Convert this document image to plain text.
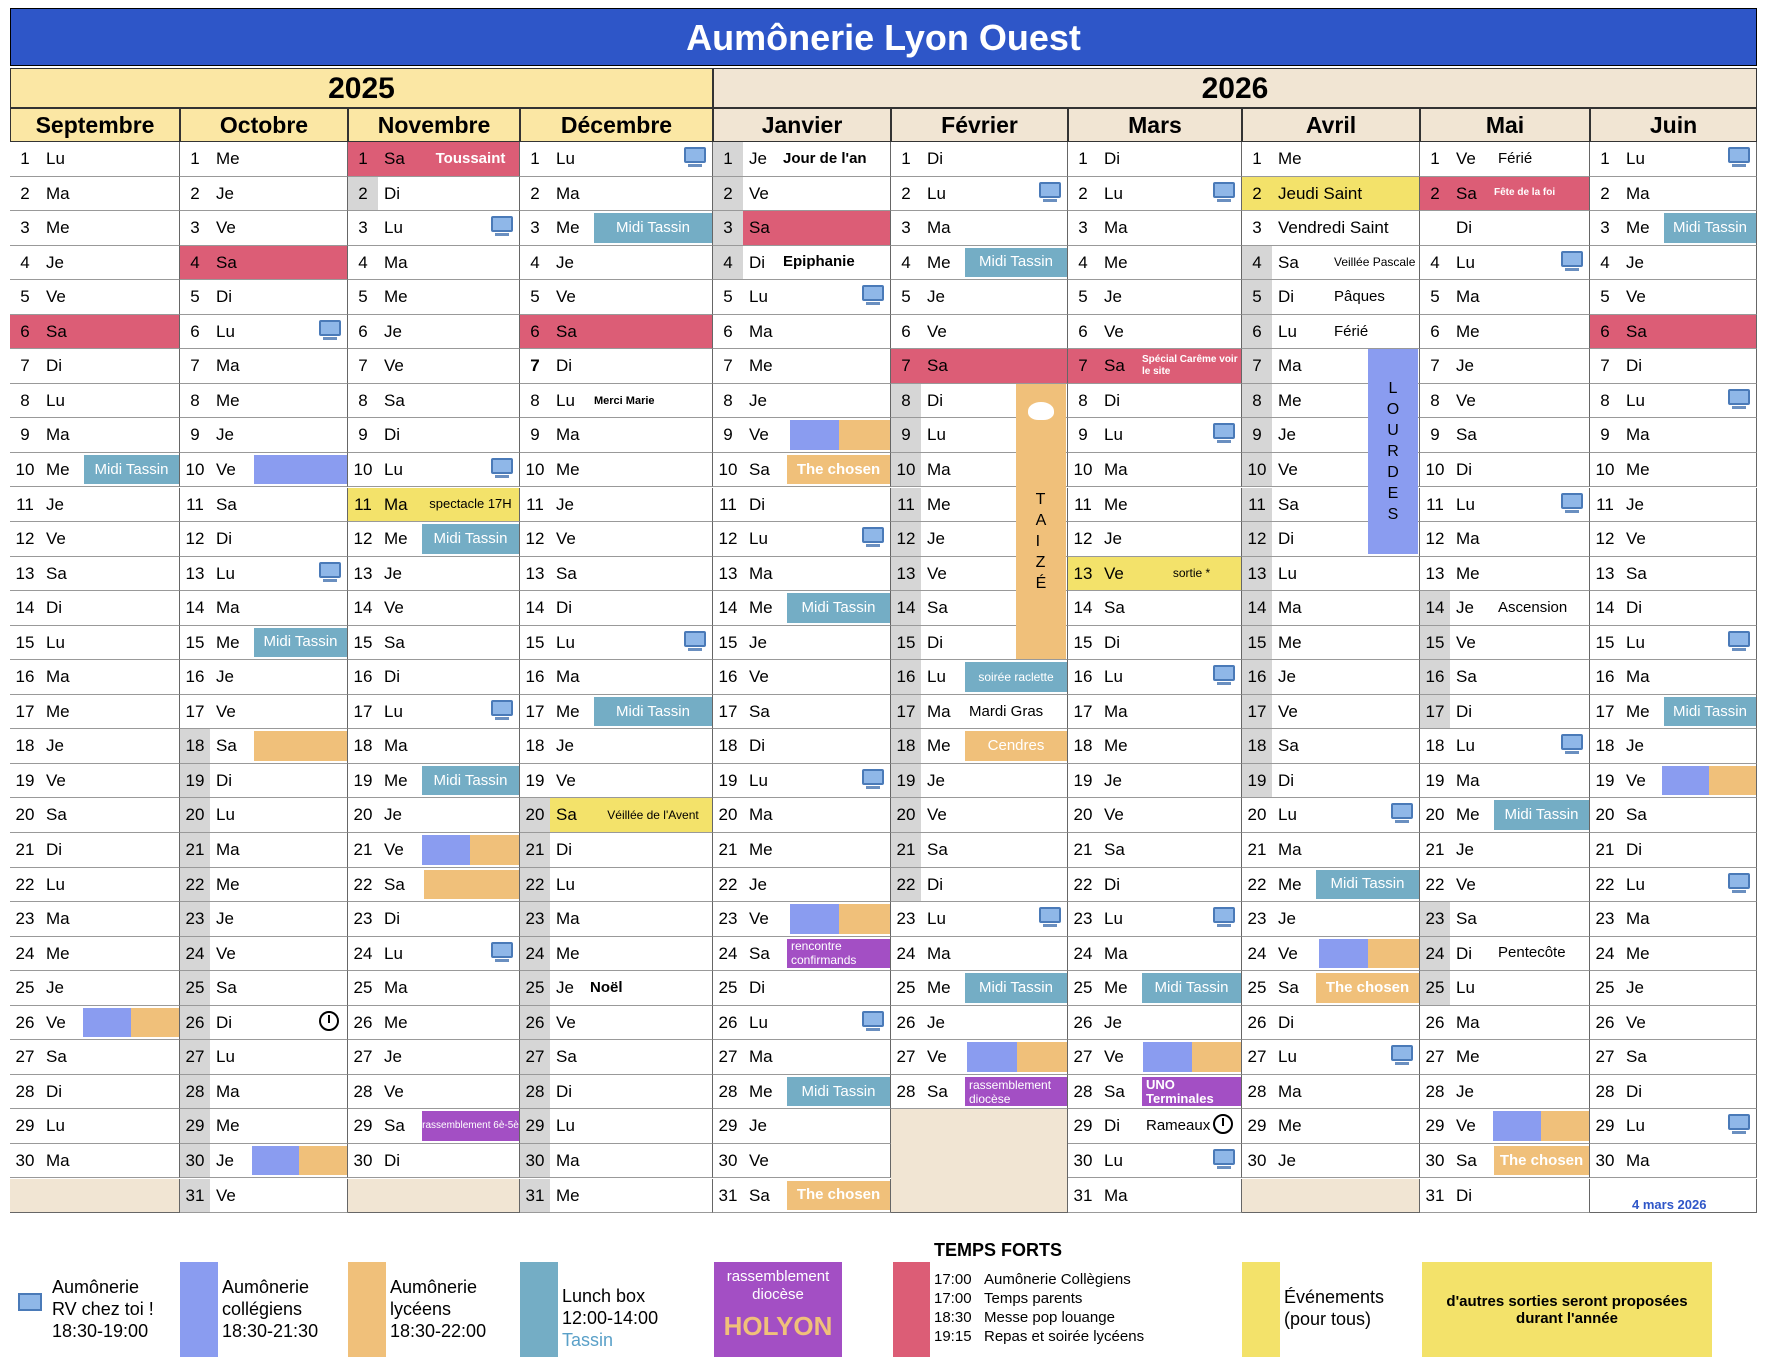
Aumônerie Lyon Ouest
2025	2026
Septembre
1 Lu
2 Ma
3 Me
4 Je
5 Ve
6 Sa
7 Di
8 Lu
9 Ma
10 Me	Midi Tassin
11 Je
12 Ve
13 Sa
14 Di
15 Lu
16 Ma
17 Me
18 Je
19 Ve
20 Sa
21 Di
22 Lu
23 Ma
24 Me
25 Je
26 Ve
27 Sa
28 Di
29 Lu
30 Ma
Octobre
1 Me
2 Je
3 Ve
4 Sa
5 Di
6 Lu
7 Ma
8 Me
9 Je
10 Ve
11 Sa
12 Di
13 Lu
14 Ma
15 Me	Midi Tassin
16 Je
17 Ve
18 Sa
19 Di
20 Lu
21 Ma
22 Me
23 Je
24 Ve
25 Sa
26 Di
27 Lu
28 Ma
29 Me
30 Je
31 Ve
Novembre
1 Sa	Toussaint
2 Di
3 Lu
4 Ma
5 Me
6 Je
7 Ve
8 Sa
9 Di
10 Lu
11 Ma	spectacle 17H
12 Me	Midi Tassin
13 Je
14 Ve
15 Sa
16 Di
17 Lu
18 Ma
19 Me	Midi Tassin
20 Je
21 Ve
22 Sa
23 Di
24 Lu
25 Ma
26 Me
27 Je
28 Ve
29 Sa rassemblement 6è-5è
30 Di
Décembre
1 Lu
2 Ma
3 Me	Midi Tassin
4 Je
5 Ve
6 Sa
7 Di
8 Lu Merci Marie
9 Ma
10 Me
11 Je
12 Ve
13 Sa
14 Di
15 Lu
16 Ma
17 Me	Midi Tassin
18 Je
19 Ve
20 Sa	Véillée de l'Avent
21 Di
22 Lu
23 Ma
24 Me
25 Je Noël
26 Ve
27 Sa
28 Di
29 Lu
30 Ma
31 Me
Janvier
1 Je Jour de l'an
2 Ve
3 Sa
4 Di Epiphanie
5 Lu
6 Ma
7 Me
8 Je
9 Ve
10 Sa	The chosen
11 Di
12 Lu
13 Ma
14 Me	Midi Tassin
15 Je
16 Ve
17 Sa
18 Di
19 Lu
20 Ma
21 Me
22 Je
23 Ve
24 Sa	rencontre confirmands
25 Di
26 Lu
27 Ma
28 Me	Midi Tassin
29 Je
30 Ve
31 Sa	The chosen
Février
1 Di
2 Lu
3 Ma
4 Me	Midi Tassin
5 Je
6 Ve
7 Sa
8 Di
9 Lu
10 Ma
11 Me
12 Je
13 Ve
14 Sa
15 Di
16 Lu	soirée raclette
17 Ma Mardi Gras
18 Me	Cendres
19 Je
20 Ve
21 Sa
22 Di
23 Lu
24 Ma
25 Me	Midi Tassin
26 Je
27 Ve
28 Sa	rassemblement diocèse
Mars
1 Di
2 Lu
3 Ma
4 Me
5 Je
6 Ve
7 Sa Spécial Carême voir le site
8 Di
9 Lu
10 Ma
11 Me
12 Je
13 Ve	sortie *
14 Sa
15 Di
16 Lu
17 Ma
18 Me
19 Je
20 Ve
21 Sa
22 Di
23 Lu
24 Ma
25 Me	Midi Tassin
26 Je
27 Ve
28 Sa	UNO Terminales
29 Di Rameaux
30 Lu
31 Ma
Avril
1 Me
2 Jeudi Saint
3 Vendredi Saint
4 Sa	Veillée Pascale
5 Di	Pâques
6 Lu Férié
7 Ma
8 Me
9 Je
10 Ve
11 Sa
12 Di
13 Lu
14 Ma
15 Me
16 Je
17 Ve
18 Sa
19 Di
20 Lu
21 Ma
22 Me	Midi Tassin
23 Je
24 Ve
25 Sa	The chosen
26 Di
27 Lu
28 Ma
29 Me
30 Je
Mai
1 Ve Férié
2 Sa Fête de la foi
Di
4 Lu
5 Ma
6 Me
7 Je
8 Ve
9 Sa
10 Di
11 Lu
12 Ma
13 Me
14 Je Ascension
15 Ve
16 Sa
17 Di
18 Lu
19 Ma
20 Me	Midi Tassin
21 Je
22 Ve
23 Sa
24 Di Pentecôte
25 Lu
26 Ma
27 Me
28 Je
29 Ve
30 Sa	The chosen
31 Di
Juin
1 Lu
2 Ma
3 Me	Midi Tassin
4 Je
5 Ve
6 Sa
7 Di
8 Lu
9 Ma
10 Me
11 Je
12 Ve
13 Sa
14 Di
15 Lu
16 Ma
17 Me	Midi Tassin
18 Je
19 Ve
20 Sa
21 Di
22 Lu
23 Ma
24 Me
25 Je
26 Ve
27 Sa
28 Di
29 Lu
30 Ma
T
A
I
Z
É
L
O
U
R
D
E
S
4 mars 2026
Aumônerie
RV chez toi !
18:30-19:00
Aumônerie
collégiens
18:30-21:30
Aumônerie
lycéens
18:30-22:00
Lunch box
12:00-14:00
Tassin
rassemblement
diocèse
HOLYON
TEMPS FORTS
17:00 Aumônerie Collègiens
17:00 Temps parents
18:30 Messe pop louange
19:15 Repas et soirée lycéens
Événements
(pour tous)
d'autres sorties seront proposées durant l'année
